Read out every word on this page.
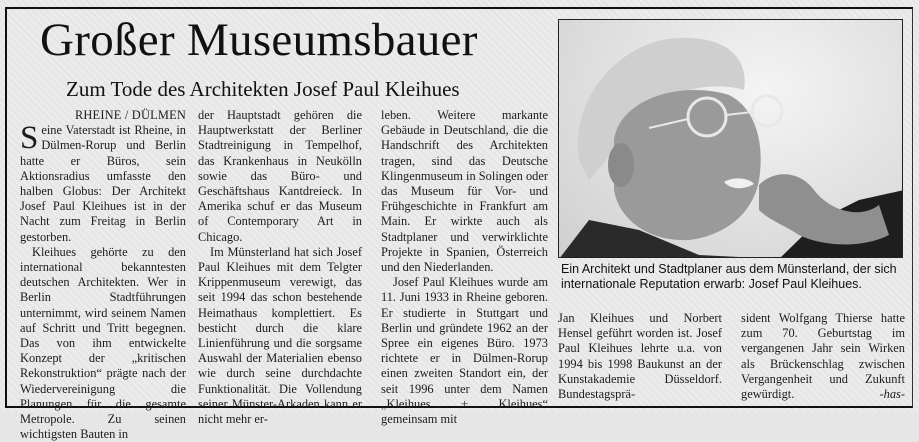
Großer Museumsbauer
Zum Tode des Architekten Josef Paul Kleihues
RHEINE / DÜLMEN

Seine Vaterstadt ist Rheine, in Dülmen-Rorup und Berlin hatte er Büros, sein Aktionsradius umfasste den halben Globus: Der Architekt Josef Paul Kleihues ist in der Nacht zum Freitag in Berlin gestorben.

Kleihues gehörte zu den international bekanntesten deutschen Architekten. Wer in Berlin Stadtführungen unternimmt, wird seinem Namen auf Schritt und Tritt begegnen. Das von ihm entwickelte Konzept der „kritischen Rekonstruktion“ prägte nach der Wiedervereinigung die Planungen für die gesamte Metropole. Zu seinen wichtigsten Bauten in

der Hauptstadt gehören die Hauptwerkstatt der Berliner Stadtreinigung in Tempelhof, das Krankenhaus in Neukölln sowie das Büro- und Geschäftshaus Kantdreieck. In Amerika schuf er das Museum of Contemporary Art in Chicago.

Im Münsterland hat sich Josef Paul Kleihues mit dem Telgter Krippenmuseum verewigt, das seit 1994 das schon bestehende Heimathaus komplettiert. Es besticht durch die klare Linienführung und die sorgsame Auswahl der Materialien ebenso wie durch seine durchdachte Funktionalität. Die Vollendung seiner Münster-Arkaden kann er nicht mehr er-

leben. Weitere markante Gebäude in Deutschland, die die Handschrift des Architekten tragen, sind das Deutsche Klingenmuseum in Solingen oder das Museum für Vor- und Frühgeschichte in Frankfurt am Main. Er wirkte auch als Stadtplaner und verwirklichte Projekte in Spanien, Österreich und den Niederlanden.

Josef Paul Kleihues wurde am 11. Juni 1933 in Rheine geboren. Er studierte in Stuttgart und Berlin und gründete 1962 an der Spree ein eigenes Büro. 1973 richtete er in Dülmen-Rorup einen zweiten Standort ein, der seit 1996 unter dem Namen „Kleihues + Kleihues“ gemeinsam mit

Ein Architekt und Stadtplaner aus dem Münsterland, der sich internationale Reputation erwarb: Josef Paul Kleihues.

Jan Kleihues und Norbert Hensel geführt worden ist. Josef Paul Kleihues lehrte u.a. von 1994 bis 1998 Baukunst an der Kunstakademie Düsseldorf. Bundestagsprä-

sident Wolfgang Thierse hatte zum 70. Geburtstag im vergangenen Jahr sein Wirken als Brückenschlag zwischen Vergangenheit und Zukunft gewürdigt.	-has-
